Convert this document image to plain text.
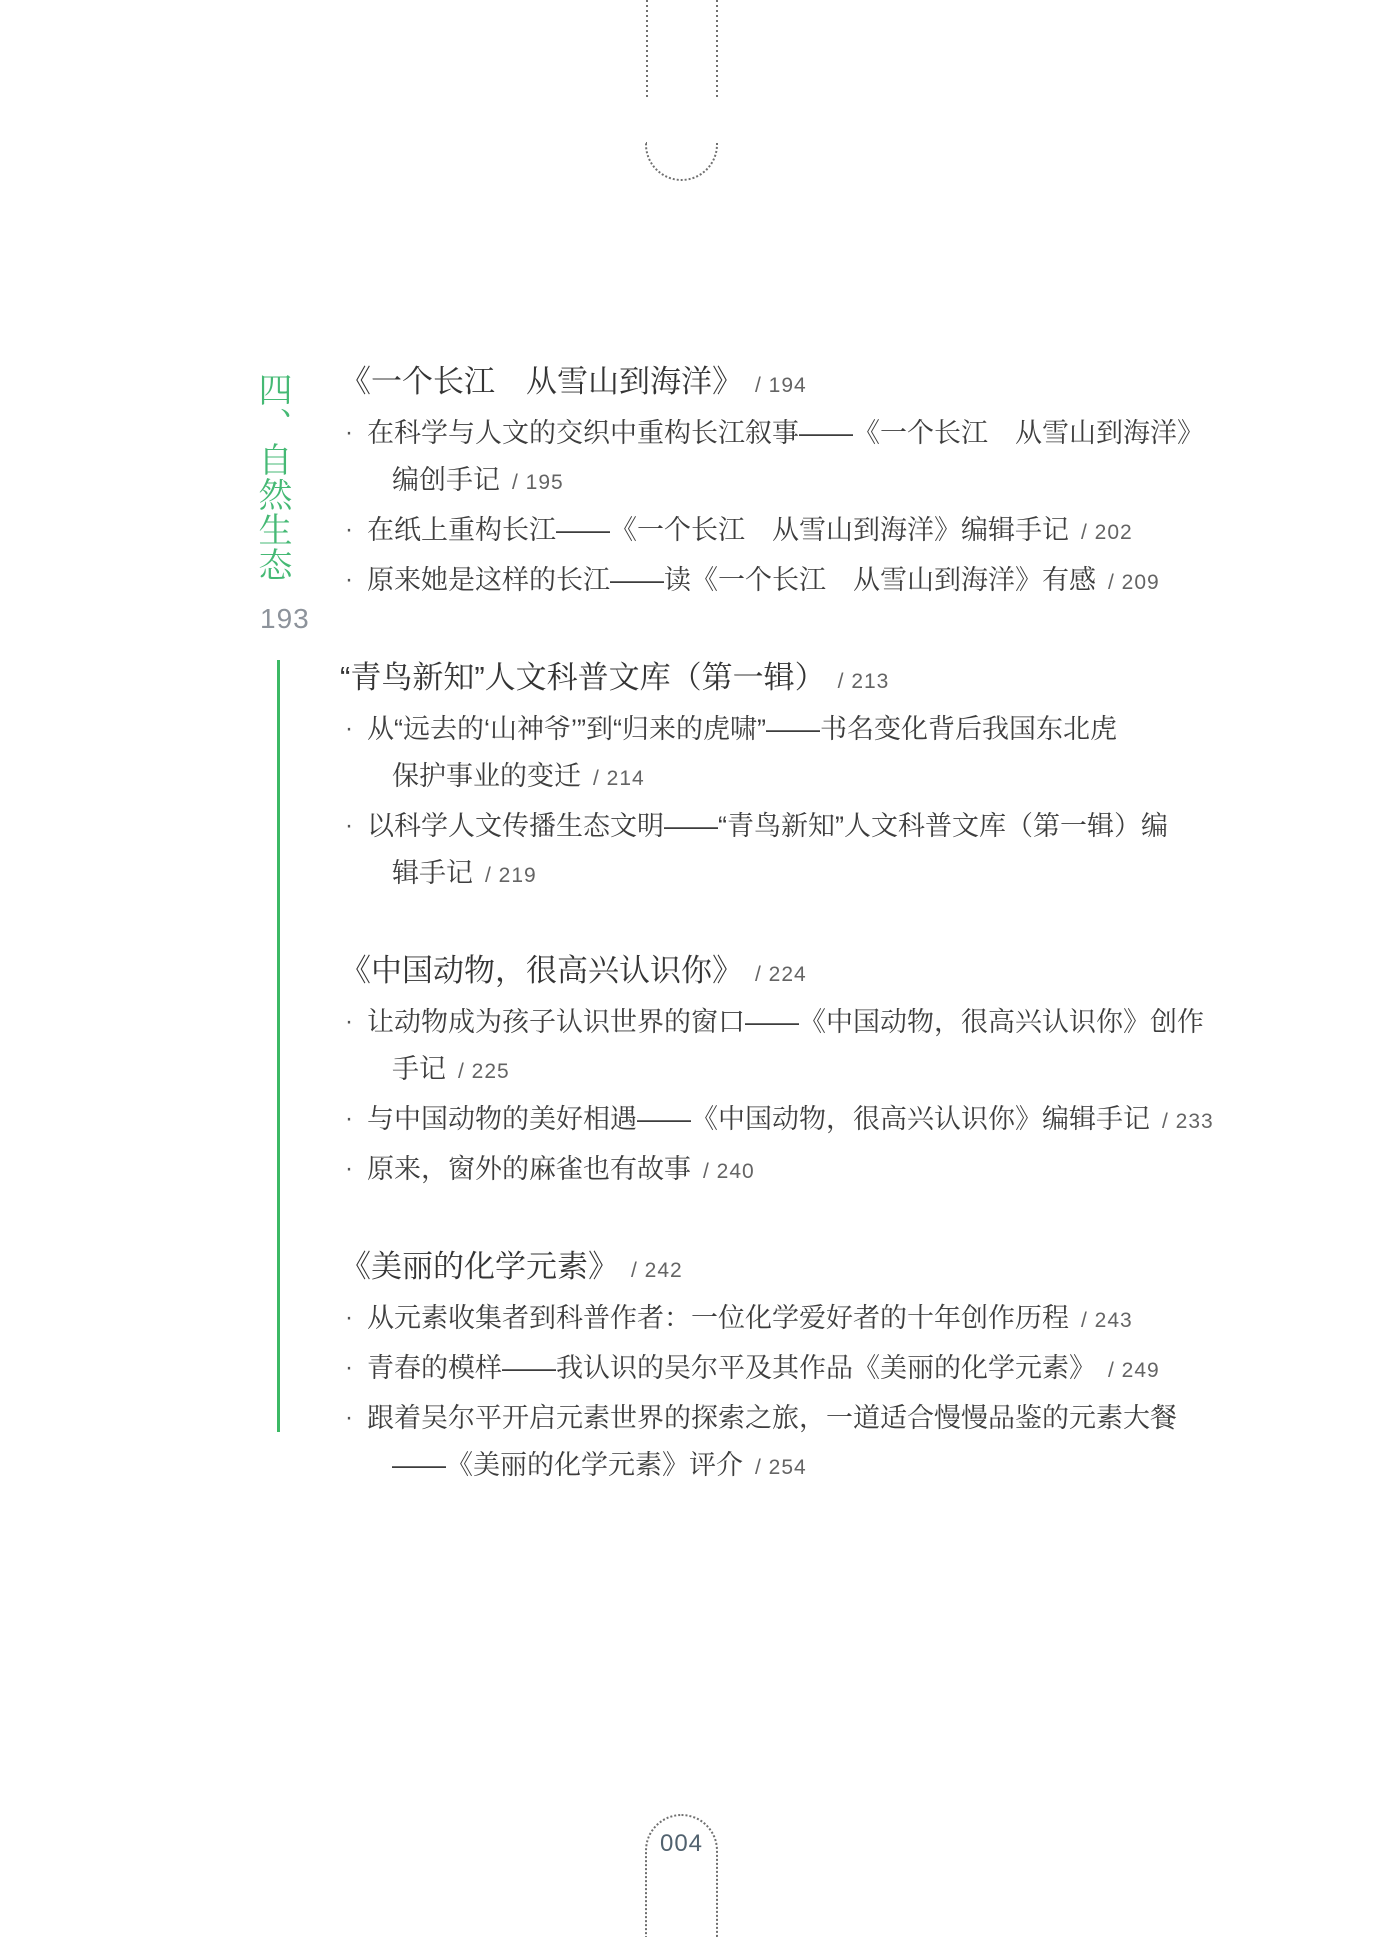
四、自然生态
193
《一个长江　从雪山到海洋》 / 194
· 在科学与人文的交织中重构长江叙事——《一个长江　从雪山到海洋》
编创手记 / 195
· 在纸上重构长江——《一个长江　从雪山到海洋》编辑手记 / 202
· 原来她是这样的长江——读《一个长江　从雪山到海洋》有感 / 209
“青鸟新知”人文科普文库（第一辑） / 213
· 从“远去的‘山神爷’”到“归来的虎啸”——书名变化背后我国东北虎
保护事业的变迁 / 214
· 以科学人文传播生态文明——“青鸟新知”人文科普文库（第一辑）编
辑手记 / 219
《中国动物，很高兴认识你》 / 224
· 让动物成为孩子认识世界的窗口——《中国动物，很高兴认识你》创作
手记 / 225
· 与中国动物的美好相遇——《中国动物，很高兴认识你》编辑手记 / 233
· 原来，窗外的麻雀也有故事 / 240
《美丽的化学元素》 / 242
· 从元素收集者到科普作者：一位化学爱好者的十年创作历程 / 243
· 青春的模样——我认识的吴尔平及其作品《美丽的化学元素》 / 249
· 跟着吴尔平开启元素世界的探索之旅，一道适合慢慢品鉴的元素大餐
——《美丽的化学元素》评介 / 254
004
